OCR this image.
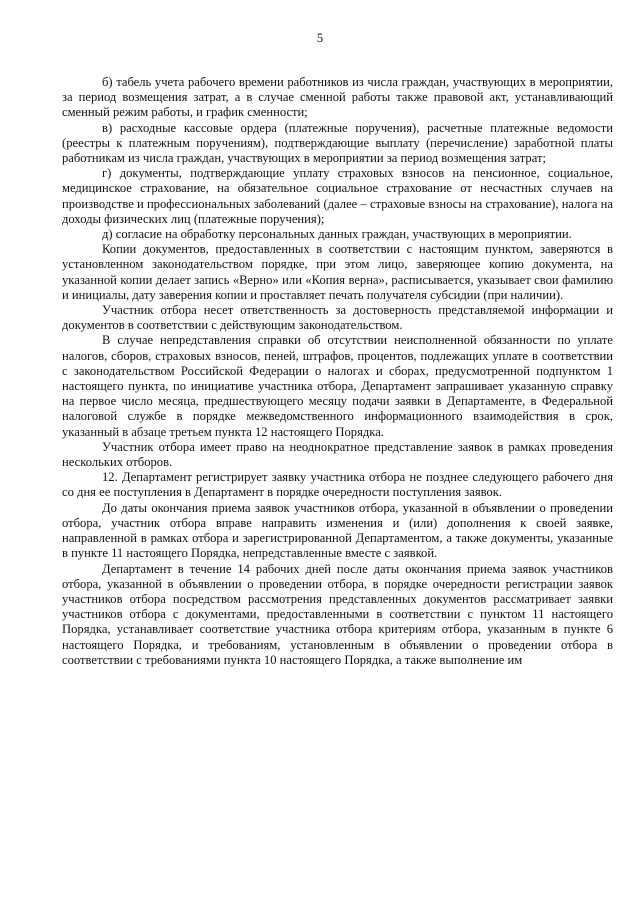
5

б) табель учета рабочего времени работников из числа граждан, участвующих в мероприятии, за период возмещения затрат, а в случае сменной работы также правовой акт, устанавливающий сменный режим работы, и график сменности;

в) расходные кассовые ордера (платежные поручения), расчетные платежные ведомости (реестры к платежным поручениям), подтверждающие выплату (перечисление) заработной платы работникам из числа граждан, участвующих в мероприятии за период возмещения затрат;

г) документы, подтверждающие уплату страховых взносов на пенсионное, социальное, медицинское страхование, на обязательное социальное страхование от несчастных случаев на производстве и профессиональных заболеваний (далее – страховые взносы на страхование), налога на доходы физических лиц (платежные поручения);

д) согласие на обработку персональных данных граждан, участвующих в мероприятии.

Копии документов, предоставленных в соответствии с настоящим пунктом, заверяются в установленном законодательством порядке, при этом лицо, заверяющее копию документа, на указанной копии делает запись «Верно» или «Копия верна», расписывается, указывает свои фамилию и инициалы, дату заверения копии и проставляет печать получателя субсидии (при наличии).

Участник отбора несет ответственность за достоверность представляемой информации и документов в соответствии с действующим законодательством.

В случае непредставления справки об отсутствии неисполненной обязанности по уплате налогов, сборов, страховых взносов, пеней, штрафов, процентов, подлежащих уплате в соответствии с законодательством Российской Федерации о налогах и сборах, предусмотренной подпунктом 1 настоящего пункта, по инициативе участника отбора, Департамент запрашивает указанную справку на первое число месяца, предшествующего месяцу подачи заявки в Департаменте, в Федеральной налоговой службе в порядке межведомственного информационного взаимодействия в срок, указанный в абзаце третьем пункта 12 настоящего Порядка.

Участник отбора имеет право на неоднократное представление заявок в рамках проведения нескольких отборов.

12. Департамент регистрирует заявку участника отбора не позднее следующего рабочего дня со дня ее поступления в Департамент в порядке очередности поступления заявок.

До даты окончания приема заявок участников отбора, указанной в объявлении о проведении отбора, участник отбора вправе направить изменения и (или) дополнения к своей заявке, направленной в рамках отбора и зарегистрированной Департаментом, а также документы, указанные в пункте 11 настоящего Порядка, непредставленные вместе с заявкой.

Департамент в течение 14 рабочих дней после даты окончания приема заявок участников отбора, указанной в объявлении о проведении отбора, в порядке очередности регистрации заявок участников отбора посредством рассмотрения представленных документов рассматривает заявки участников отбора с документами, предоставленными в соответствии с пунктом 11 настоящего Порядка, устанавливает соответствие участника отбора критериям отбора, указанным в пункте 6 настоящего Порядка, и требованиям, установленным в объявлении о проведении отбора в соответствии с требованиями пункта 10 настоящего Порядка, а также выполнение им
